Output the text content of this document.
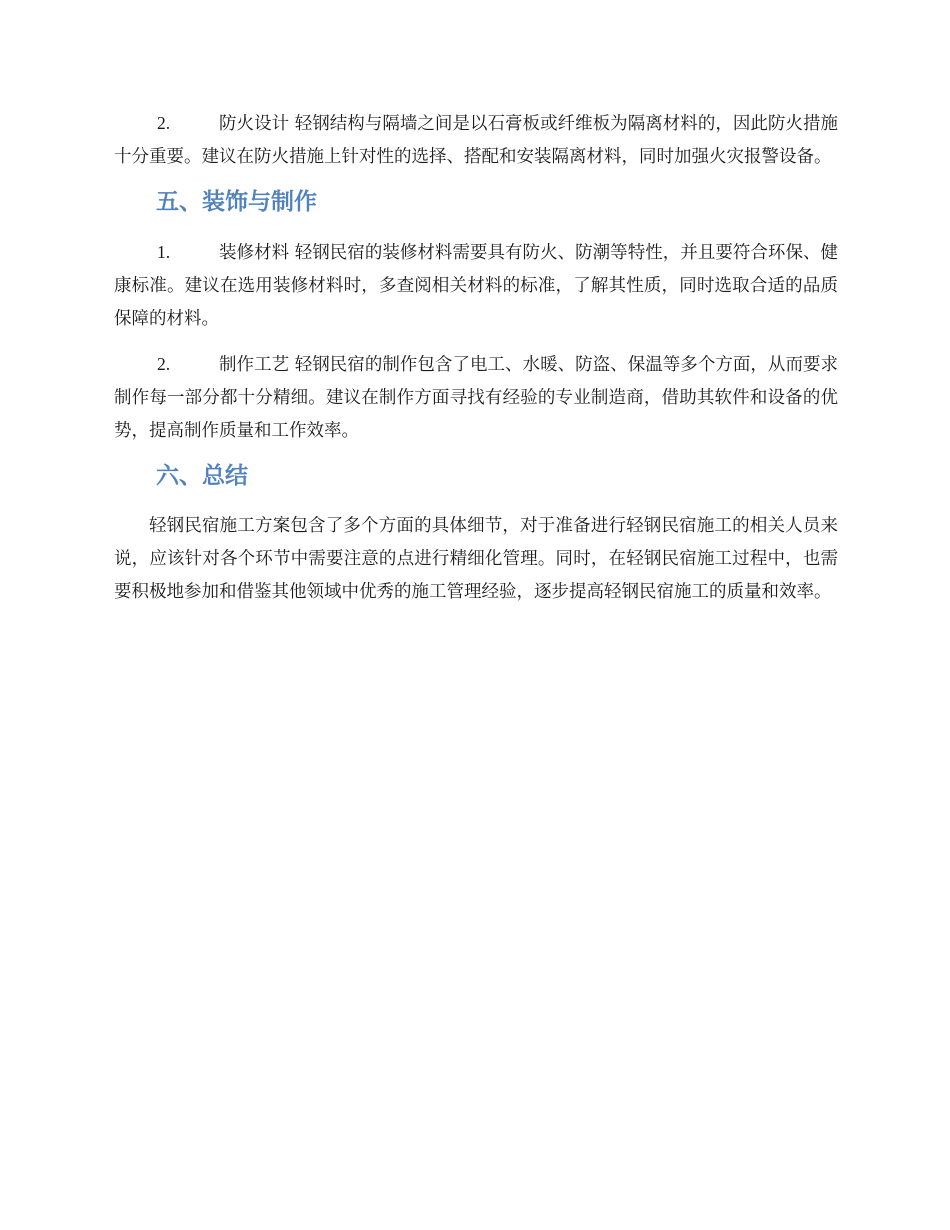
2.	防火设计 轻钢结构与隔墙之间是以石膏板或纤维板为隔离材料的，因此防火措施十分重要。建议在防火措施上针对性的选择、搭配和安装隔离材料，同时加强火灾报警设备。

五、装饰与制作

1.	装修材料 轻钢民宿的装修材料需要具有防火、防潮等特性，并且要符合环保、健康标准。建议在选用装修材料时，多查阅相关材料的标准，了解其性质，同时选取合适的品质保障的材料。

2.	制作工艺 轻钢民宿的制作包含了电工、水暖、防盗、保温等多个方面，从而要求制作每一部分都十分精细。建议在制作方面寻找有经验的专业制造商，借助其软件和设备的优势，提高制作质量和工作效率。

六、总结

轻钢民宿施工方案包含了多个方面的具体细节，对于准备进行轻钢民宿施工的相关人员来说，应该针对各个环节中需要注意的点进行精细化管理。同时，在轻钢民宿施工过程中，也需要积极地参加和借鉴其他领域中优秀的施工管理经验，逐步提高轻钢民宿施工的质量和效率。
